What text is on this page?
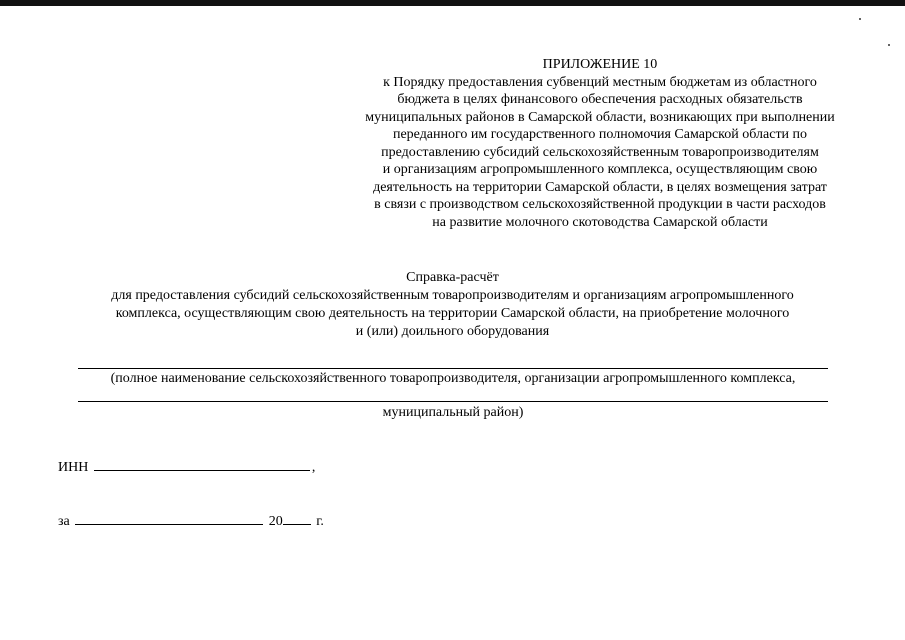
ПРИЛОЖЕНИЕ 10
к Порядку предоставления субвенций местным бюджетам из областного
бюджета в целях финансового обеспечения расходных обязательств
муниципальных районов в Самарской области, возникающих при выполнении
переданного им государственного полномочия Самарской области по
предоставлению субсидий сельскохозяйственным товаропроизводителям
и организациям агропромышленного комплекса, осуществляющим свою
деятельность на территории Самарской области, в целях возмещения затрат
в связи с производством сельскохозяйственной продукции в части расходов
на развитие молочного скотоводства Самарской области
Справка-расчёт
для предоставления субсидий сельскохозяйственным товаропроизводителям и организациям агропромышленного
комплекса, осуществляющим свою деятельность на территории Самарской области, на приобретение молочного
и (или) доильного оборудования
(полное наименование сельскохозяйственного товаропроизводителя, организации агропромышленного комплекса,
муниципальный район)
ИНН	,
за	20 г.
